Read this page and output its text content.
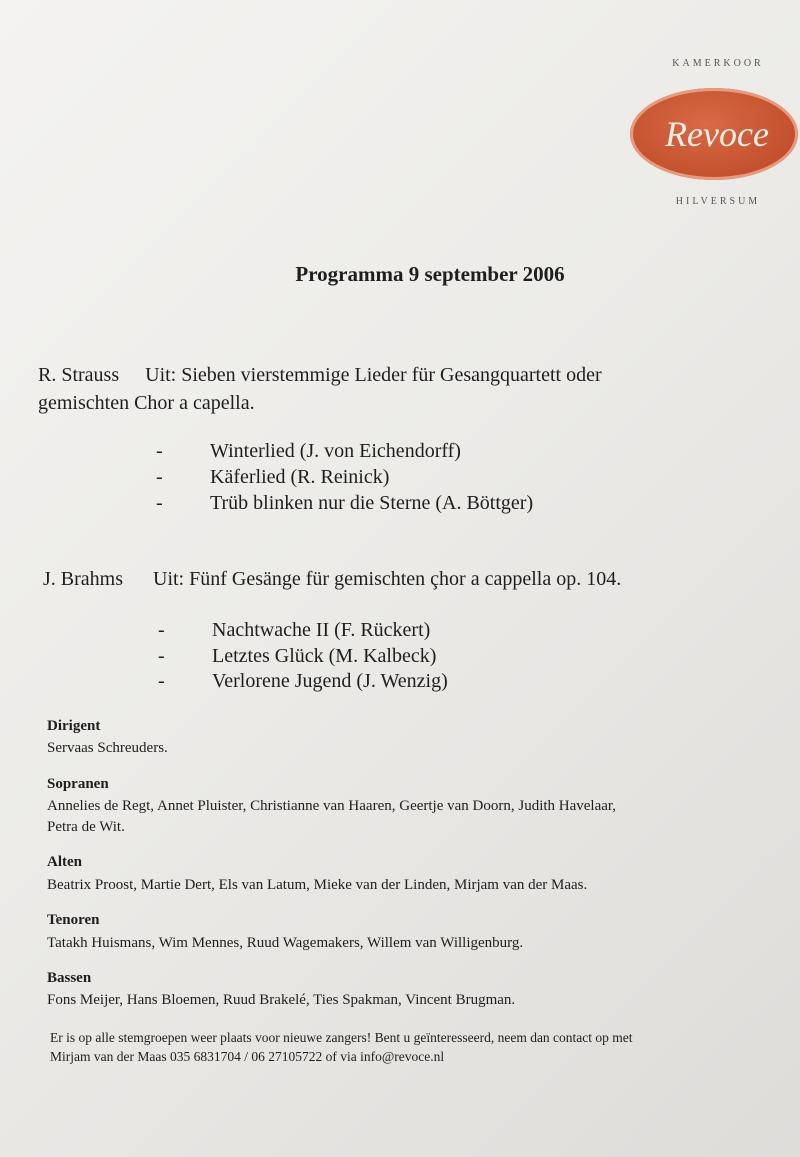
KAMERKOOR
Revoce
HILVERSUM
Programma 9 september 2006
R. Strauss Uit: Sieben vierstemmige Lieder für Gesangquartett oder
gemischten Chor a capella.
- Winterlied (J. von Eichendorff)
- Käferlied (R. Reinick)
- Trüb blinken nur die Sterne (A. Böttger)
J. Brahms Uit: Fünf Gesänge für gemischten çhor a cappella op. 104.
- Nachtwache II (F. Rückert)
- Letztes Glück (M. Kalbeck)
- Verlorene Jugend (J. Wenzig)
Dirigent
Servaas Schreuders.
Sopranen
Annelies de Regt, Annet Pluister, Christianne van Haaren, Geertje van Doorn, Judith Havelaar,
Petra de Wit.
Alten
Beatrix Proost, Martie Dert, Els van Latum, Mieke van der Linden, Mirjam van der Maas.
Tenoren
Tatakh Huismans, Wim Mennes, Ruud Wagemakers, Willem van Willigenburg.
Bassen
Fons Meijer, Hans Bloemen, Ruud Brakelé, Ties Spakman, Vincent Brugman.
Er is op alle stemgroepen weer plaats voor nieuwe zangers! Bent u geïnteresseerd, neem dan contact op met
Mirjam van der Maas 035 6831704 / 06 27105722 of via info@revoce.nl
